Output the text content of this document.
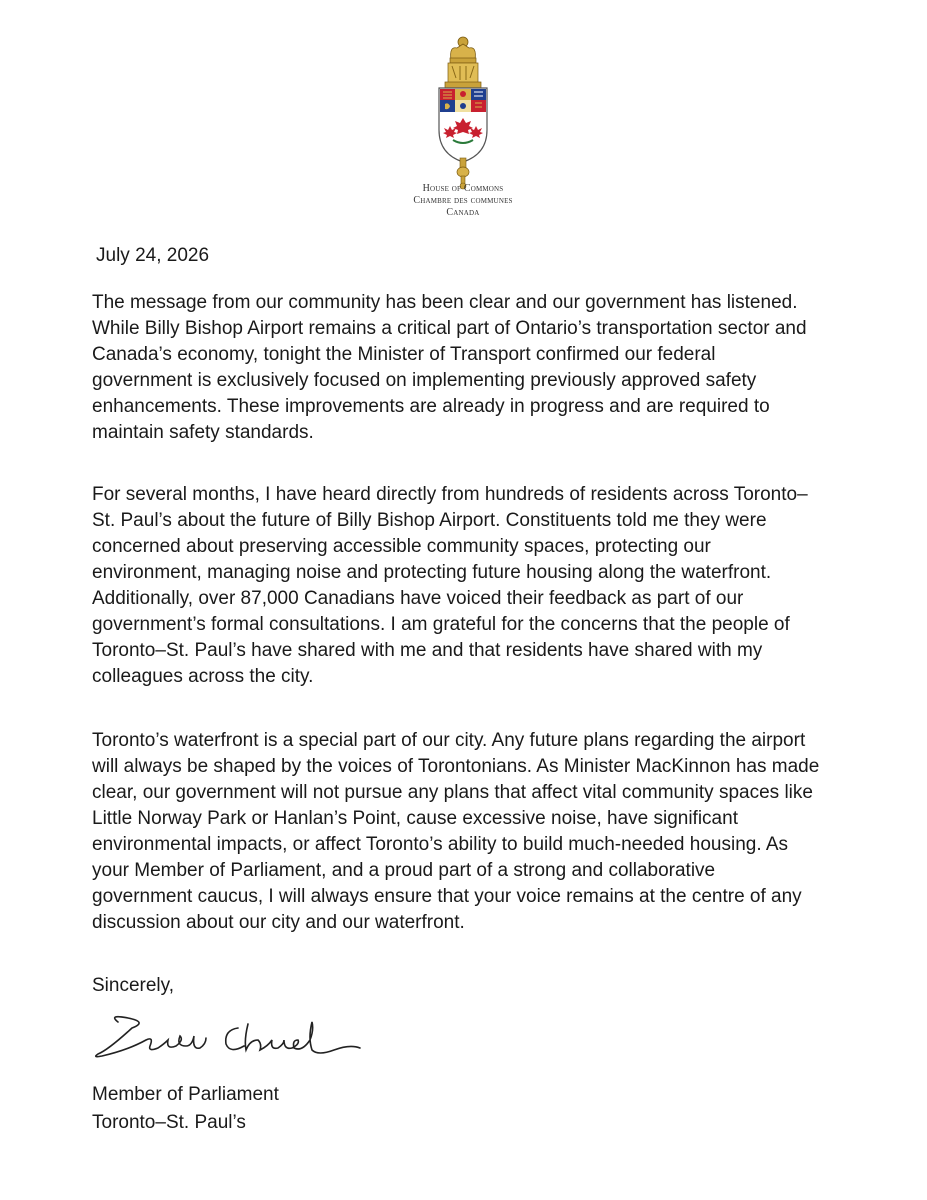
House of Commons
Chambre des communes
Canada
July 24, 2026

The message from our community has been clear and our government has listened.
While Billy Bishop Airport remains a critical part of Ontario’s transportation sector and
Canada’s economy, tonight the Minister of Transport confirmed our federal
government is exclusively focused on implementing previously approved safety
enhancements. These improvements are already in progress and are required to
maintain safety standards.

For several months, I have heard directly from hundreds of residents across Toronto–
St. Paul’s about the future of Billy Bishop Airport. Constituents told me they were
concerned about preserving accessible community spaces, protecting our
environment, managing noise and protecting future housing along the waterfront.
Additionally, over 87,000 Canadians have voiced their feedback as part of our
government’s formal consultations. I am grateful for the concerns that the people of
Toronto–St. Paul’s have shared with me and that residents have shared with my
colleagues across the city.

Toronto’s waterfront is a special part of our city. Any future plans regarding the airport
will always be shaped by the voices of Torontonians. As Minister MacKinnon has made
clear, our government will not pursue any plans that affect vital community spaces like
Little Norway Park or Hanlan’s Point, cause excessive noise, have significant
environmental impacts, or affect Toronto’s ability to build much-needed housing. As
your Member of Parliament, and a proud part of a strong and collaborative
government caucus, I will always ensure that your voice remains at the centre of any
discussion about our city and our waterfront.

Sincerely,
Member of Parliament
Toronto–St. Paul’s
